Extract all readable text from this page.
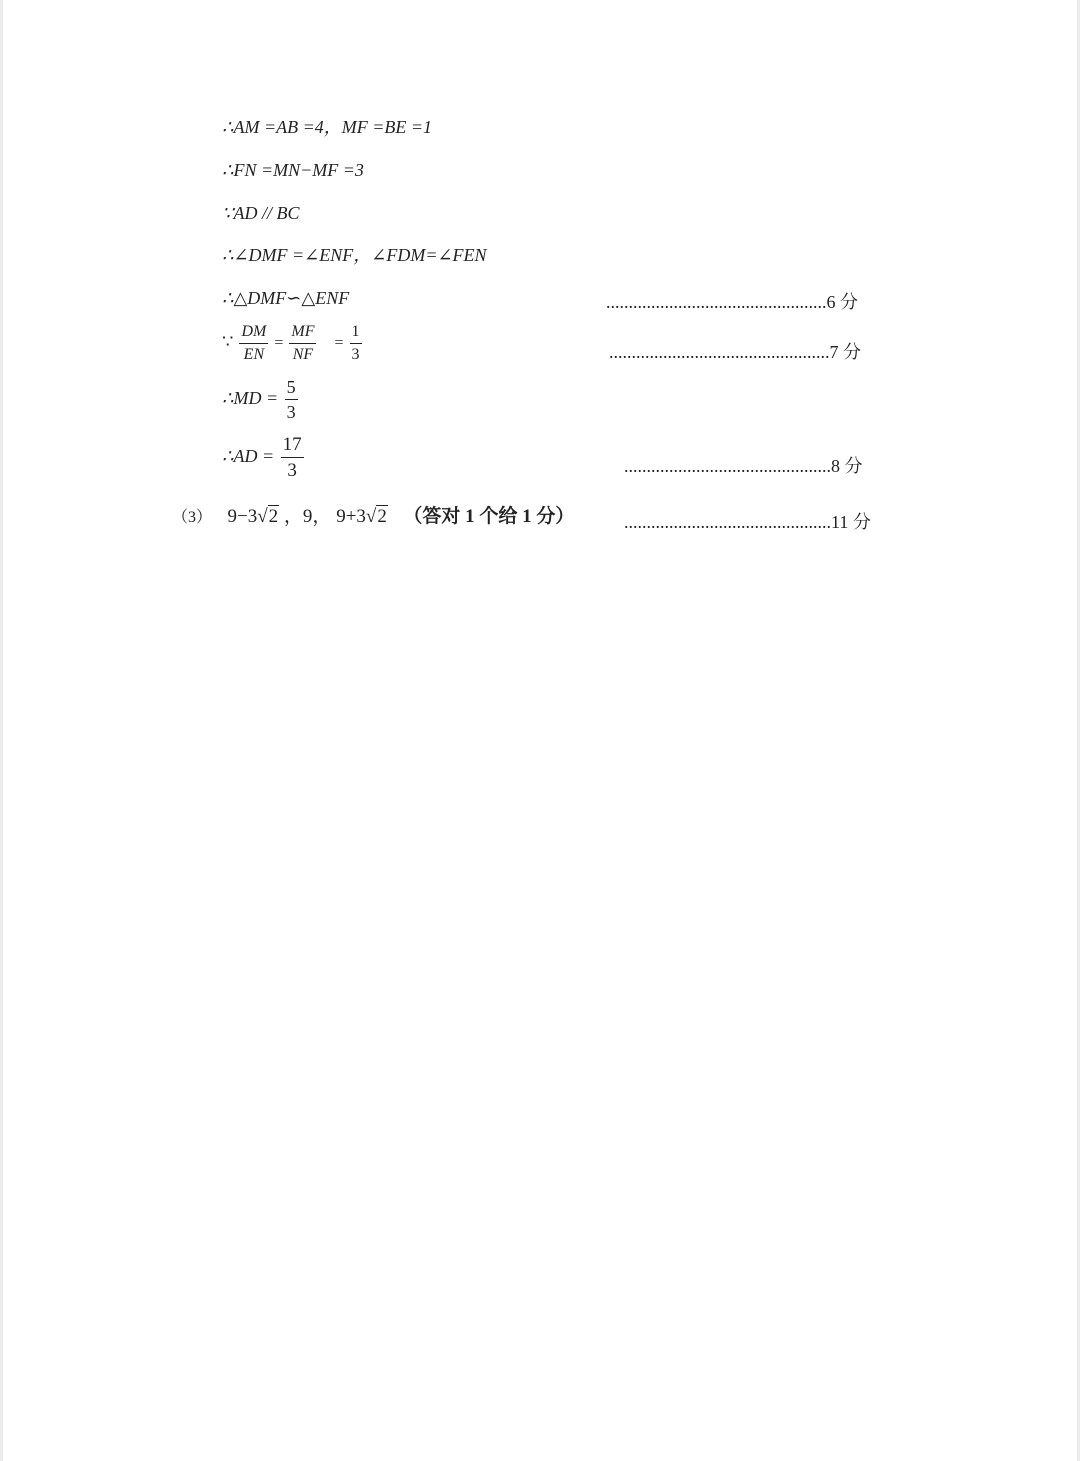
∴AM =AB =4，MF =BE =1
∴FN =MN−MF =3
∵AD // BC
∴∠DMF =∠ENF，∠FDM=∠FEN
∴△DMF∽△ENF	.................................................6 分
∵ $\frac{DM}{EN} = \frac{MF}{NF} = \frac{1}{3}$	.................................................7 分
∴MD = $\frac{5}{3}$
∴AD = $\frac{17}{3}$	..............................................8 分
（3） 9−3√2 ，9， 9+3√2 （答对 1 个给 1 分）	..............................................11 分
